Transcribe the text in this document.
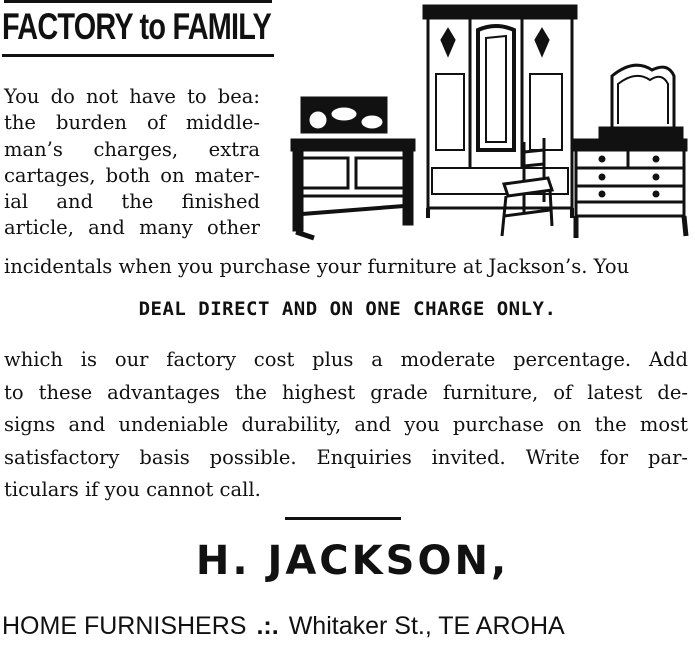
FACTORY to FAMILY
You do not have to bea:
the burden of middle-
man’s charges, extra
cartages, both on mater-
ial and the finished
article, and many other
incidentals when you purchase your furniture at Jackson’s. You
DEAL DIRECT AND ON ONE CHARGE ONLY.
which is our factory cost plus a moderate percentage. Add
to these advantages the highest grade furniture, of latest de-
signs and undeniable durability, and you purchase on the most
satisfactory basis possible. Enquiries invited. Write for par-
ticulars if you cannot call.
H. JACKSON,
HOME FURNISHERS .:. Whitaker St., TE AROHA
